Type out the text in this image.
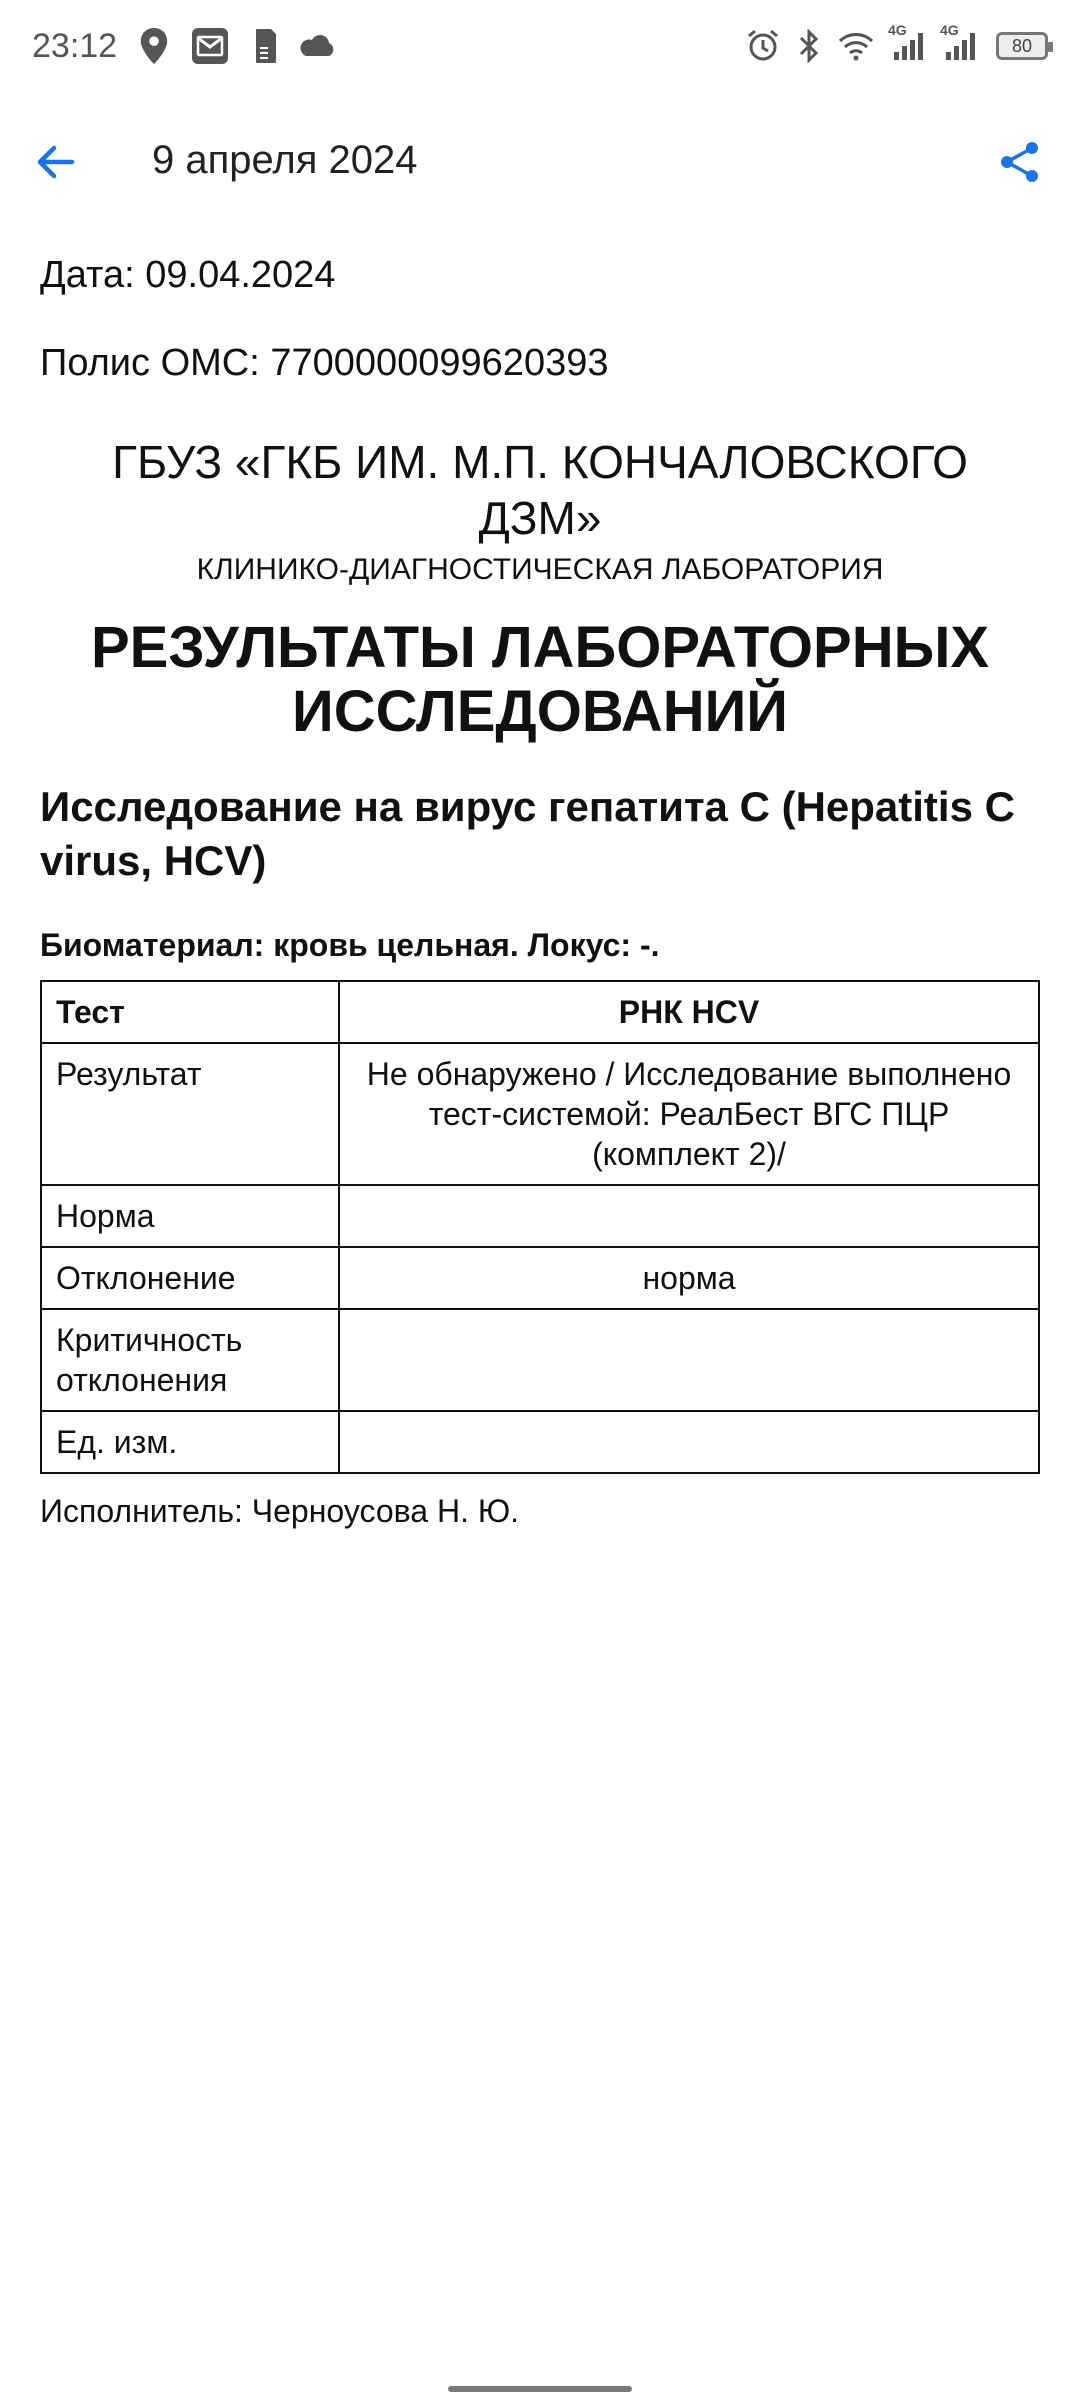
23:12	4G 4G
80
9 апреля 2024
Дата: 09.04.2024
Полис ОМС: 7700000099620393
ГБУЗ «ГКБ ИМ. М.П. КОНЧАЛОВСКОГО ДЗМ»
КЛИНИКО-ДИАГНОСТИЧЕСКАЯ ЛАБОРАТОРИЯ
РЕЗУЛЬТАТЫ ЛАБОРАТОРНЫХ ИССЛЕДОВАНИЙ
Исследование на вирус гепатита С (Hepatitis C virus, HCV)
Биоматериал: кровь цельная. Локус: -.
Тест	РНК HCV
Результат	Не обнаружено / Исследование выполнено тест-системой: РеалБест ВГС ПЦР (комплект 2)/
Норма	
Отклонение	норма
Критичность отклонения	
Ед. изм.	
Исполнитель: Черноусова Н. Ю.
